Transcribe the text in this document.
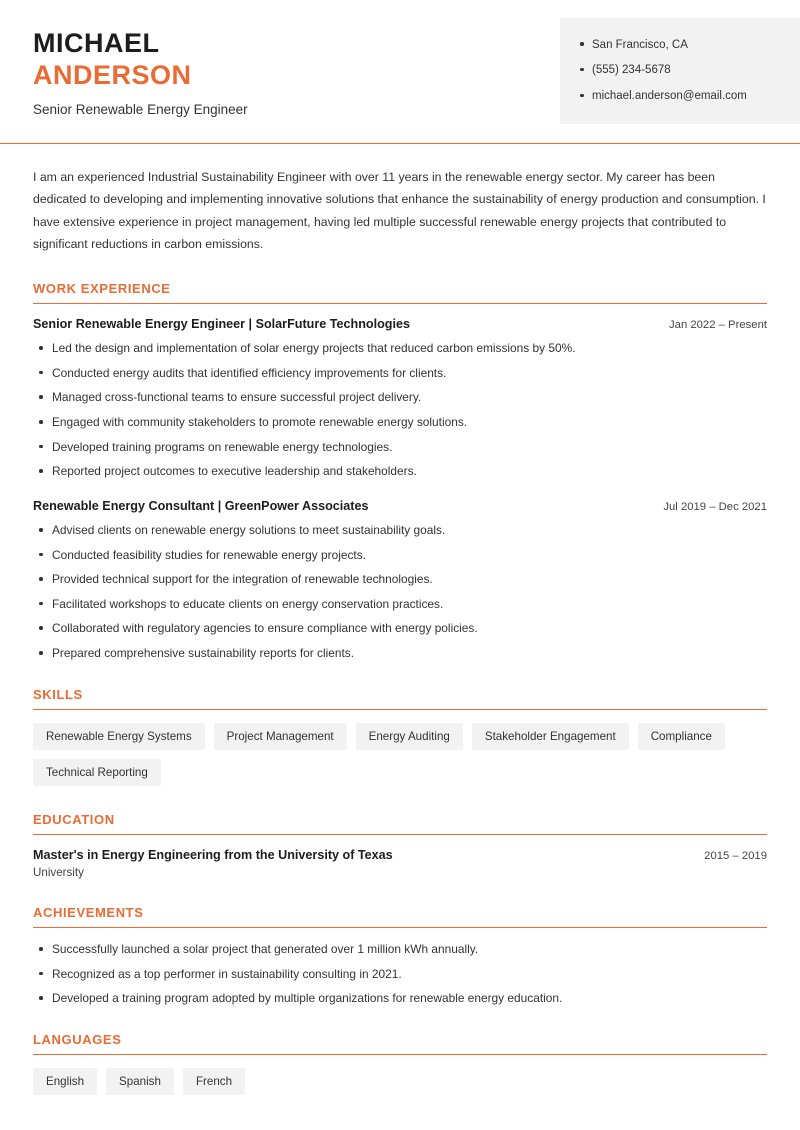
MICHAEL
ANDERSON
Senior Renewable Energy Engineer
San Francisco, CA
(555) 234-5678
michael.anderson@email.com

I am an experienced Industrial Sustainability Engineer with over 11 years in the renewable energy sector. My career has been dedicated to developing and implementing innovative solutions that enhance the sustainability of energy production and consumption. I have extensive experience in project management, having led multiple successful renewable energy projects that contributed to significant reductions in carbon emissions.

WORK EXPERIENCE
Senior Renewable Energy Engineer | SolarFuture Technologies	Jan 2022 – Present
Led the design and implementation of solar energy projects that reduced carbon emissions by 50%.
Conducted energy audits that identified efficiency improvements for clients.
Managed cross-functional teams to ensure successful project delivery.
Engaged with community stakeholders to promote renewable energy solutions.
Developed training programs on renewable energy technologies.
Reported project outcomes to executive leadership and stakeholders.
Renewable Energy Consultant | GreenPower Associates	Jul 2019 – Dec 2021
Advised clients on renewable energy solutions to meet sustainability goals.
Conducted feasibility studies for renewable energy projects.
Provided technical support for the integration of renewable technologies.
Facilitated workshops to educate clients on energy conservation practices.
Collaborated with regulatory agencies to ensure compliance with energy policies.
Prepared comprehensive sustainability reports for clients.
SKILLS
Renewable Energy Systems	Project Management	Energy Auditing	Stakeholder Engagement	Compliance
Technical Reporting
EDUCATION
Master's in Energy Engineering from the University of Texas	2015 – 2019
University
ACHIEVEMENTS
Successfully launched a solar project that generated over 1 million kWh annually.
Recognized as a top performer in sustainability consulting in 2021.
Developed a training program adopted by multiple organizations for renewable energy education.
LANGUAGES
English	Spanish	French
